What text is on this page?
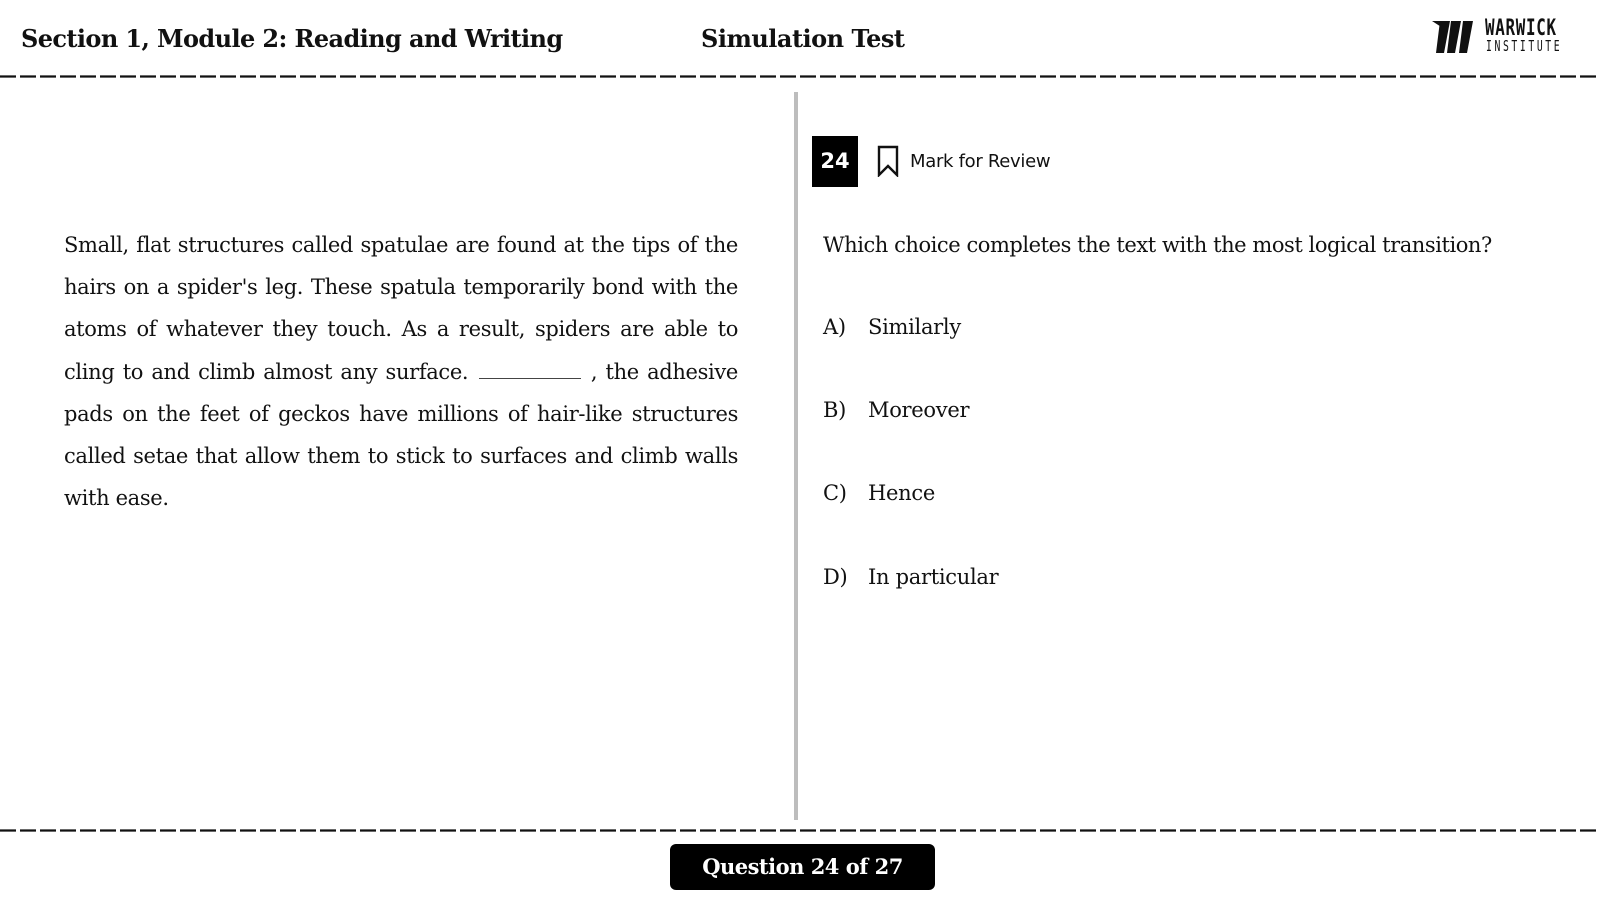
Section 1, Module 2: Reading and Writing	Simulation Test	WARWICK
INSTITUTE
Small, flat structures called spatulae are found at the tips of the hairs on a spider's leg. These spatula temporarily bond with the atoms of whatever they touch. As a result, spiders are able to cling to and climb almost any surface.	, the adhesive pads on the feet of geckos have millions of hair-like structures called setae that allow them to stick to surfaces and climb walls with ease.
24	Mark for Review
Which choice completes the text with the most logical transition?
A)	Similarly
B)	Moreover
C)	Hence
D) In particular
Question 24 of 27
